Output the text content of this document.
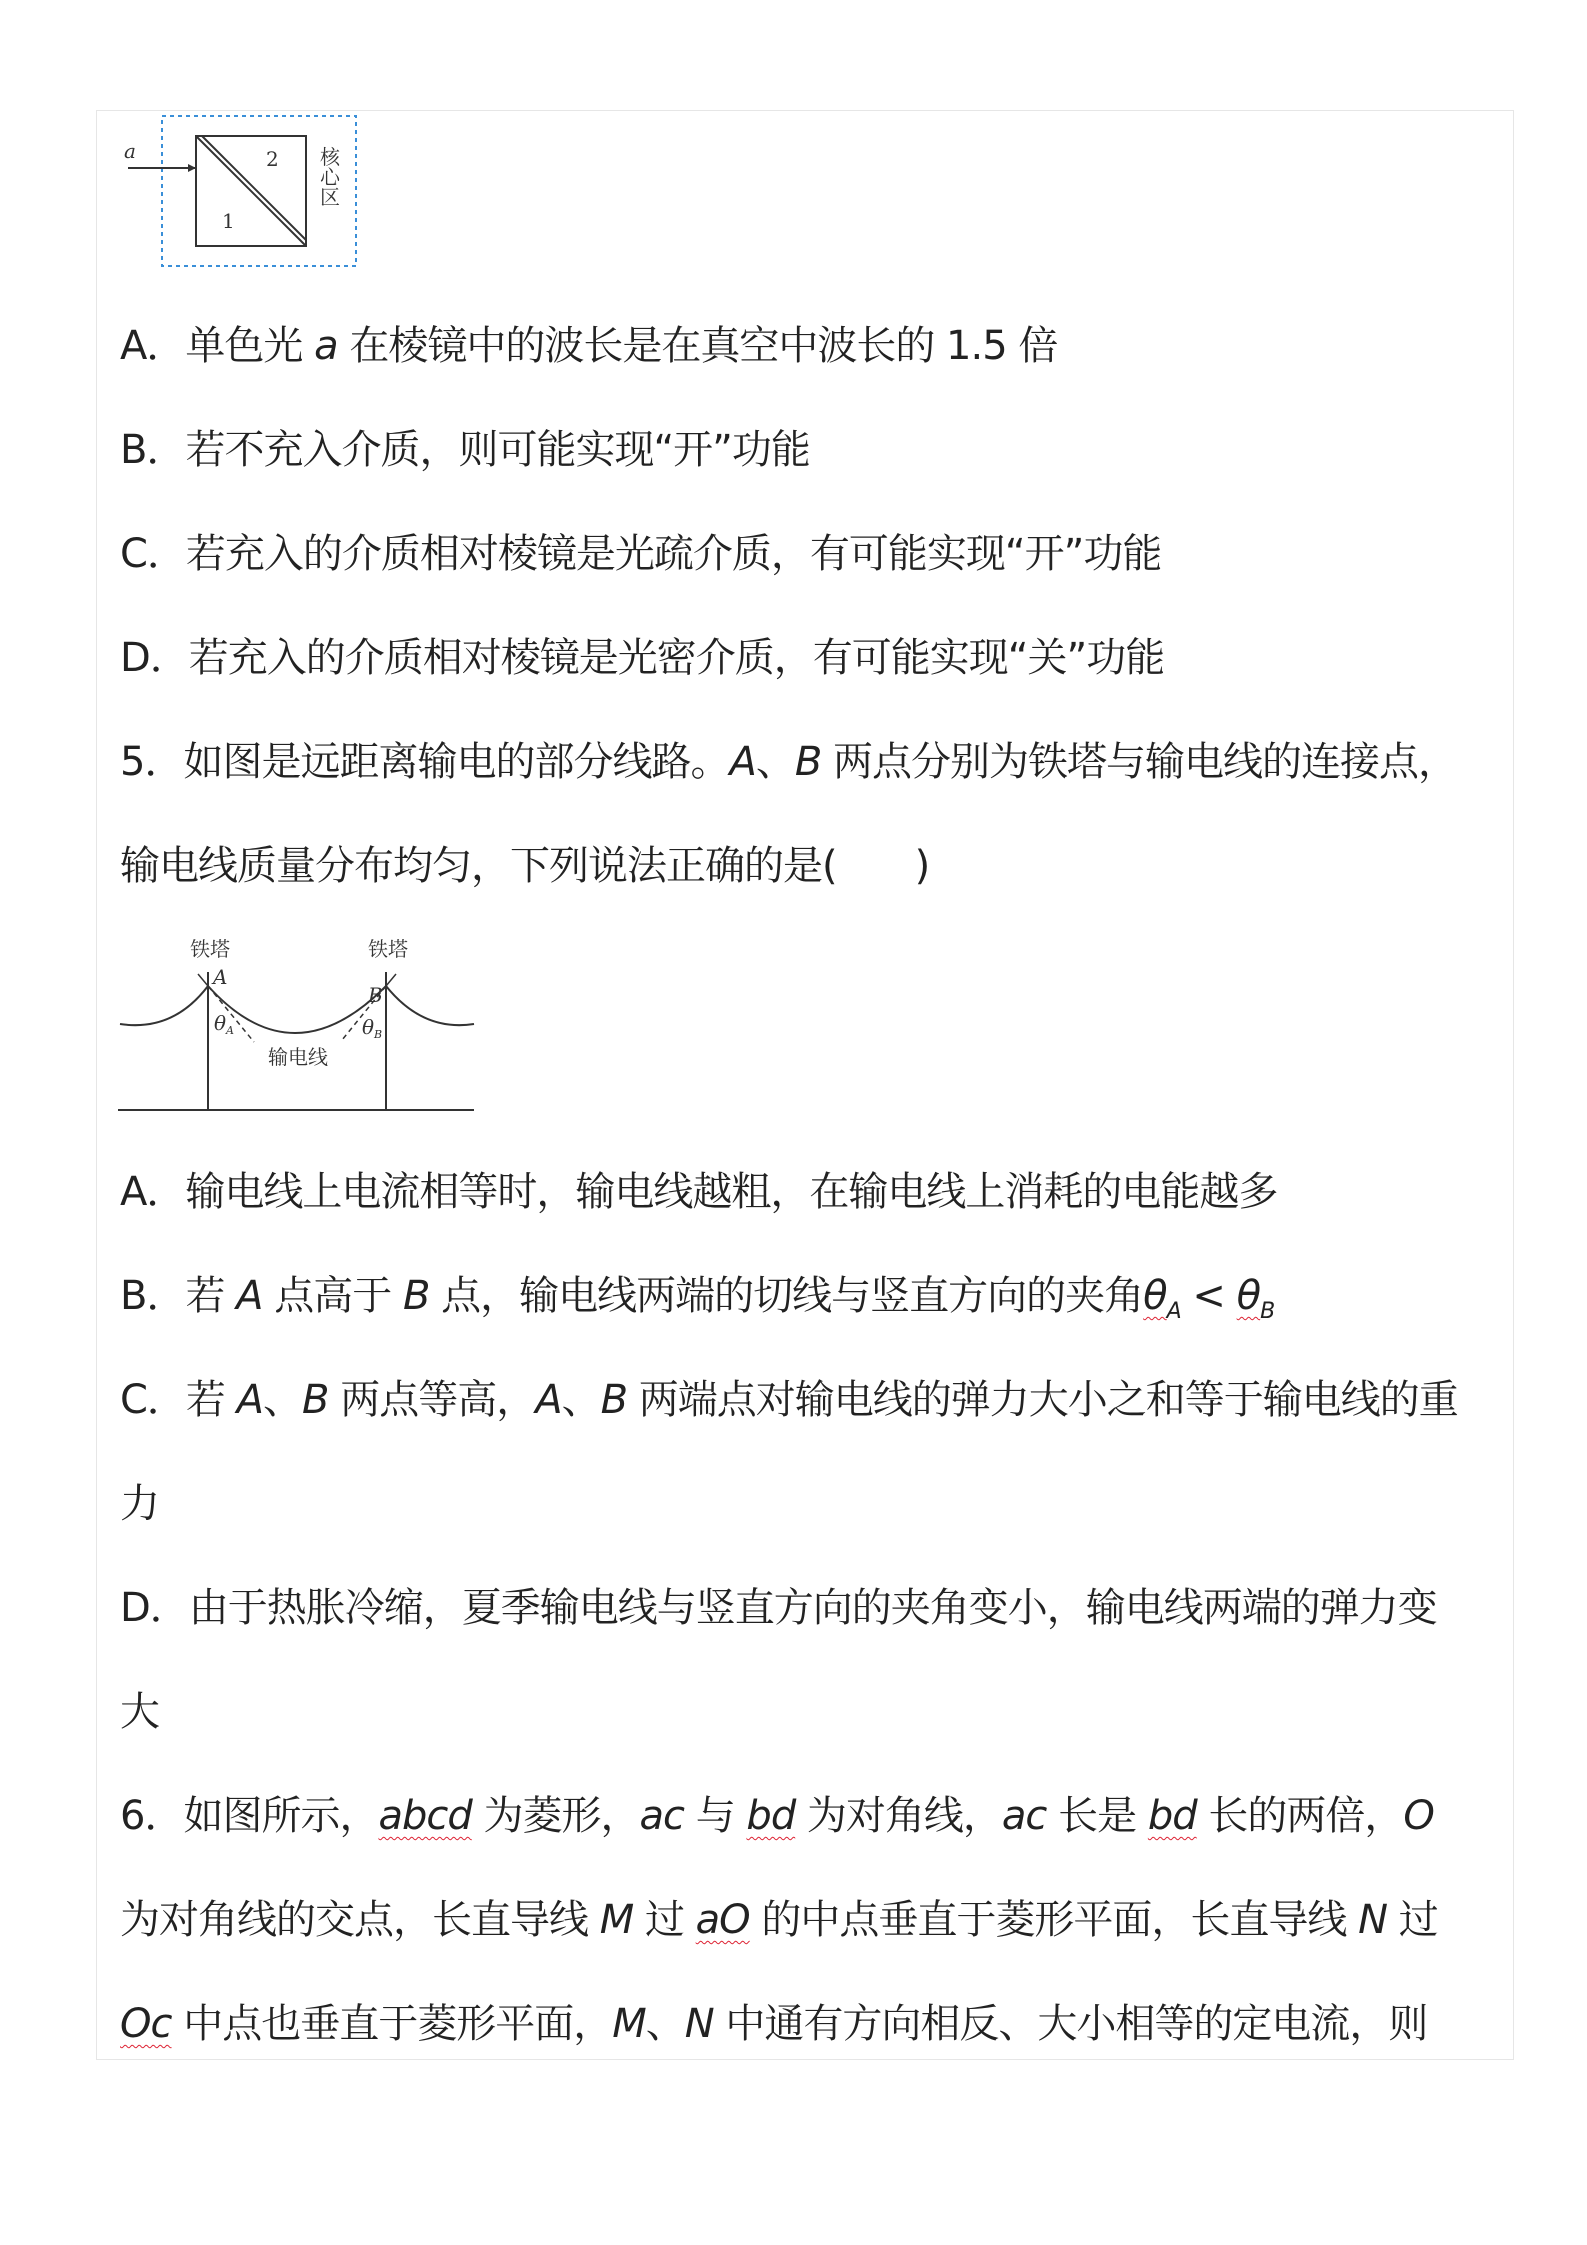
a	2
1
核
心
区
A．单色光 a 在棱镜中的波长是在真空中波长的 1.5 倍
B．若不充入介质，则可能实现“开”功能
C．若充入的介质相对棱镜是光疏介质，有可能实现“开”功能
D．若充入的介质相对棱镜是光密介质，有可能实现“关”功能
5．如图是远距离输电的部分线路。A、B 两点分别为铁塔与输电线的连接点，
输电线质量分布均匀，下列说法正确的是(　　)
铁塔	铁塔
A
B
$\theta_A$	$\theta_B$
输电线
A．输电线上电流相等时，输电线越粗，在输电线上消耗的电能越多
B．若 A 点高于 B 点，输电线两端的切线与竖直方向的夹角$\theta_A < \theta_B$
C．若 A、B 两点等高，A、B 两端点对输电线的弹力大小之和等于输电线的重
力
D．由于热胀冷缩，夏季输电线与竖直方向的夹角变小，输电线两端的弹力变
大
6．如图所示，abcd 为菱形，ac 与 bd 为对角线，ac 长是 bd 长的两倍，O
为对角线的交点，长直导线 M 过 aO 的中点垂直于菱形平面，长直导线 N 过
Oc 中点也垂直于菱形平面，M、N 中通有方向相反、大小相等的定电流，则
